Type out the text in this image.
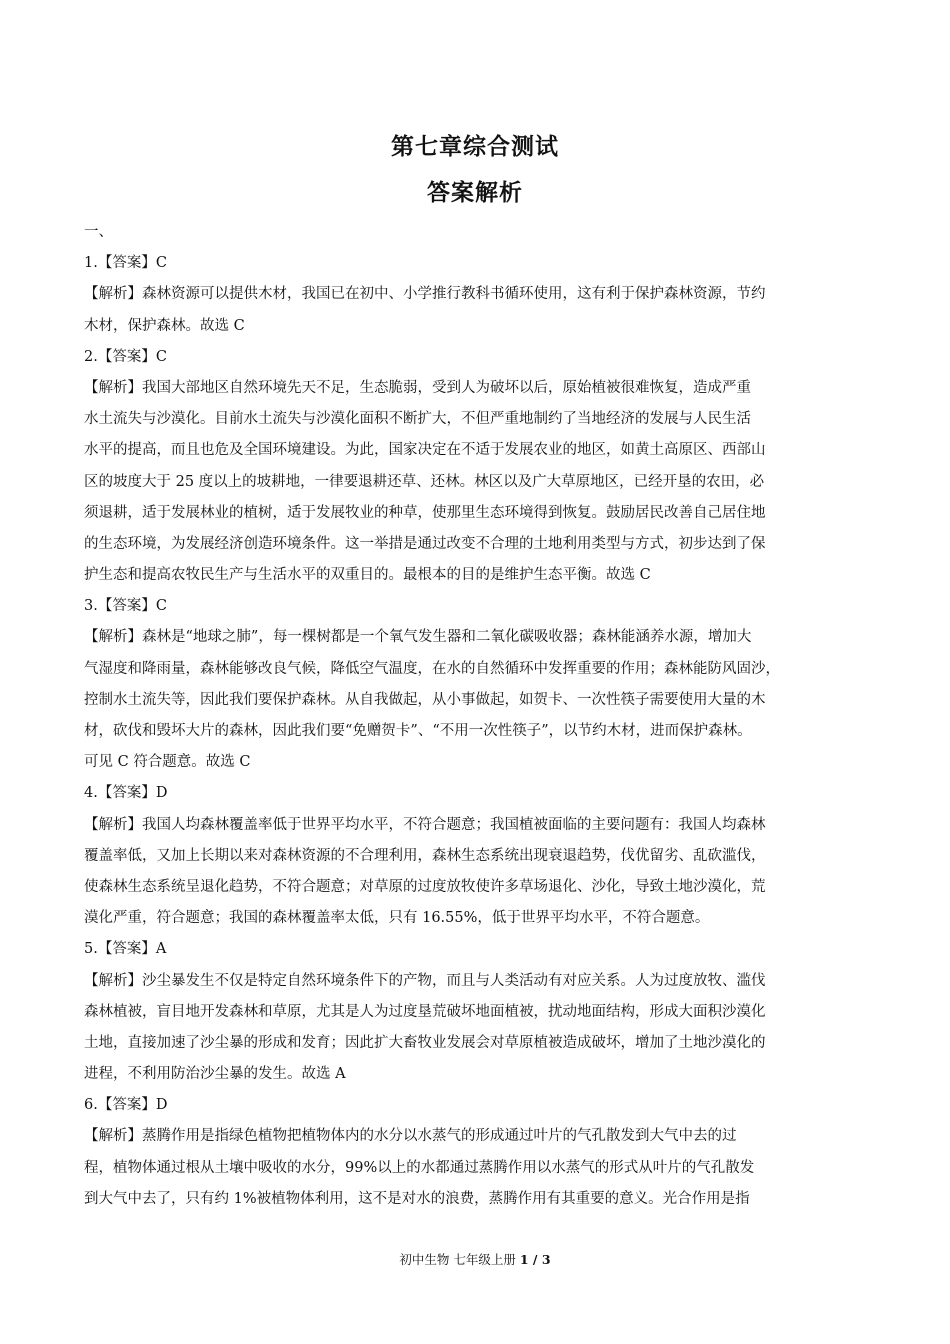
第七章综合测试
答案解析
一、
1.【答案】C
【解析】森林资源可以提供木材，我国已在初中、小学推行教科书循环使用，这有利于保护森林资源，节约
木材，保护森林。故选 C
2.【答案】C
【解析】我国大部地区自然环境先天不足，生态脆弱，受到人为破坏以后，原始植被很难恢复，造成严重
水土流失与沙漠化。目前水土流失与沙漠化面积不断扩大，不但严重地制约了当地经济的发展与人民生活
水平的提高，而且也危及全国环境建设。为此，国家决定在不适于发展农业的地区，如黄土高原区、西部山
区的坡度大于 25 度以上的坡耕地，一律要退耕还草、还林。林区以及广大草原地区，已经开垦的农田，必
须退耕，适于发展林业的植树，适于发展牧业的种草，使那里生态环境得到恢复。鼓励居民改善自己居住地
的生态环境，为发展经济创造环境条件。这一举措是通过改变不合理的土地利用类型与方式，初步达到了保
护生态和提高农牧民生产与生活水平的双重目的。最根本的目的是维护生态平衡。故选 C
3.【答案】C
【解析】森林是“地球之肺”，每一棵树都是一个氧气发生器和二氧化碳吸收器；森林能涵养水源，增加大
气湿度和降雨量，森林能够改良气候，降低空气温度，在水的自然循环中发挥重要的作用；森林能防风固沙，
控制水土流失等，因此我们要保护森林。从自我做起，从小事做起，如贺卡、一次性筷子需要使用大量的木
材，砍伐和毁坏大片的森林，因此我们要“免赠贺卡”、“不用一次性筷子”，以节约木材，进而保护森林。
可见 C 符合题意。故选 C
4.【答案】D
【解析】我国人均森林覆盖率低于世界平均水平，不符合题意；我国植被面临的主要问题有：我国人均森林
覆盖率低，又加上长期以来对森林资源的不合理利用，森林生态系统出现衰退趋势，伐优留劣、乱砍滥伐，
使森林生态系统呈退化趋势，不符合题意；对草原的过度放牧使许多草场退化、沙化，导致土地沙漠化，荒
漠化严重，符合题意；我国的森林覆盖率太低，只有 16.55%，低于世界平均水平，不符合题意。
5.【答案】A
【解析】沙尘暴发生不仅是特定自然环境条件下的产物，而且与人类活动有对应关系。人为过度放牧、滥伐
森林植被，盲目地开发森林和草原，尤其是人为过度垦荒破坏地面植被，扰动地面结构，形成大面积沙漠化
土地，直接加速了沙尘暴的形成和发育；因此扩大畜牧业发展会对草原植被造成破坏，增加了土地沙漠化的
进程，不利用防治沙尘暴的发生。故选 A
6.【答案】D
【解析】蒸腾作用是指绿色植物把植物体内的水分以水蒸气的形成通过叶片的气孔散发到大气中去的过
程，植物体通过根从土壤中吸收的水分，99%以上的水都通过蒸腾作用以水蒸气的形式从叶片的气孔散发
到大气中去了，只有约 1%被植物体利用，这不是对水的浪费，蒸腾作用有其重要的意义。光合作用是指
初中生物 七年级上册 1 / 3
